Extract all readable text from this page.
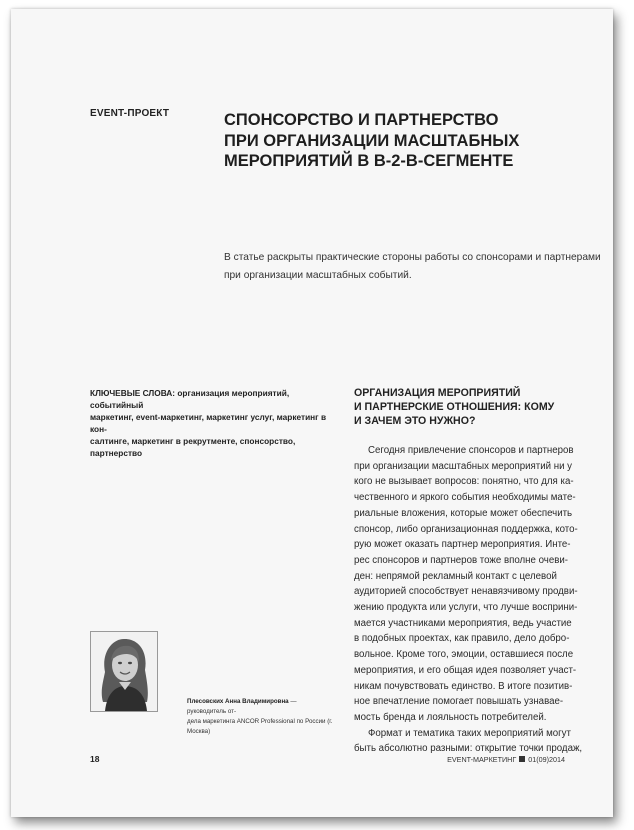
EVENT-ПРОЕКТ	СПОНСОРСТВО И ПАРТНЕРСТВО
ПРИ ОРГАНИЗАЦИИ МАСШТАБНЫХ
МЕРОПРИЯТИЙ В B-2-B-СЕГМЕНТЕ
В статье раскрыты практические стороны работы со спонсорами и партнерами
при организации масштабных событий.
КЛЮЧЕВЫЕ СЛОВА: организация мероприятий, событийный
маркетинг, event-маркетинг, маркетинг услуг, маркетинг в кон-
салтинге, маркетинг в рекрутменте, спонсорство, партнерство
ОРГАНИЗАЦИЯ МЕРОПРИЯТИЙ
И ПАРТНЕРСКИЕ ОТНОШЕНИЯ: КОМУ
И ЗАЧЕМ ЭТО НУЖНО?
Сегодня привлечение спонсоров и партнеров
при организации масштабных мероприятий ни у
кого не вызывает вопросов: понятно, что для ка-
чественного и яркого события необходимы мате-
риальные вложения, которые может обеспечить
спонсор, либо организационная поддержка, кото-
рую может оказать партнер мероприятия. Инте-
рес спонсоров и партнеров тоже вполне очеви-
ден: непрямой рекламный контакт с целевой
аудиторией способствует ненавязчивому продви-
жению продукта или услуги, что лучше восприни-
мается участниками мероприятия, ведь участие
в подобных проектах, как правило, дело добро-
вольное. Кроме того, эмоции, оставшиеся после
мероприятия, и его общая идея позволяет участ-
никам почувствовать единство. В итоге позитив-
ное впечатление помогает повышать узнавае-
мость бренда и лояльность потребителей.
Формат и тематика таких мероприятий могут
быть абсолютно разными: открытие точки продаж,
Плесовских Анна Владимировна — руководитель от-
дела маркетинга ANCOR Professional по России (г. Москва)
18	EVENT-МАРКЕТИНГ 01(09)2014
